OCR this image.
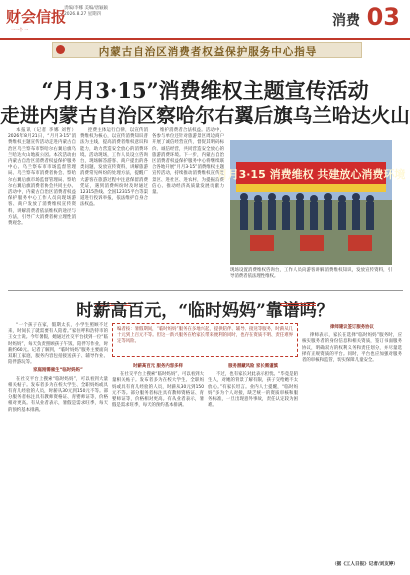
财会信报
一一个 一
责编/李娜 美编/唐颖颖
2026.8.27 星期四	消费 03
内蒙古自治区消费者权益保护服务中心指导
“月月3·15”消费维权主题宣传活动
走进内蒙古自治区察哈尔右翼后旗乌兰哈达火山

本报讯（记者 李娜 刘哲）2026年8月21日，“月月3·15”消费维权主题宣传活动走进内蒙古自治区乌兰察布市察哈尔右翼后旗乌兰哈达火山地质公园。本次活动由内蒙古自治区消费者权益保护服务中心、乌兰察布市市场监督管理局、乌兰察布市消费者协会、察哈尔右翼后旗市场监督管理局、察哈尔右翼后旗消费者协会共同主办。活动中，内蒙古自治区消费者权益保护服务中心工作人员向现场游客、商户发放了消费维权宣传资料，讲解消费者依法维权的途径与方法，引导广大消费者树立理性消费观念。

控费主体运行自律，以宣传消费维权为核心，以宣传消费知识普法为主线，提高消费者维权意识和能力，助力营造安全放心的消费环境。活动现场，工作人员设立咨询台，现场解答游客、商户提出的各类问题，发放宣传资料，讲解旅游消费常见纠纷的处理方法，提醒广大游客在旅游过程中注意保留消费凭证，遇到消费纠纷时及时通过12315热线、全国12315平台等渠道进行投诉举报，依法维护自身合法权益。

维护消费者合法权益。活动中，各参与单位还针对旅游景区周边商户开展了诚信经营宣传，督促其明码标价、诚信经营，共同营造安全放心的旅游消费环境。下一步，内蒙古自治区消费者权益保护服务中心将继续联合各地开展“月月3·15”消费维权主题宣传活动，持续推动消费维权宣传进景区、进社区、进农村，为提振消费信心、推动经济高质量发展贡献力量。

月月3·15 消费维权 共建放心消费环境
现场设置消费维权咨询台，工作人员向游客讲解消费维权知识，发放宣传资料，引导消费者依法理性维权。
时薪高百元，“临时妈妈”靠谱吗？
编者按：暑假期间，“临时妈妈”服务在多地兴起，提供陪伴、辅导、接送等服务，时薪从几十元到上百元不等。但这一新兴服务在给家长带来便利的同时，也存在资质不明、责任难界定等风险。

“一个孩子在家，假期太长，小学生照顾不过来，时间长了就需要有人陪着。”家住呼和浩特市的王女士说。今年暑假，她通过社交平台找到一位“临时妈妈”，每天负责照顾孩子午饭、陪伴写作业，时薪约60元。记者了解到，“临时妈妈”服务主要面向双职工家庭，服务内容包括接送孩子、辅导作业、陪伴游玩等。

家庭刚需催生“临时妈妈”

在社交平台上搜索“临时妈妈”，可以看到大量相关帖子。发布者多为在校大学生、全职妈妈或具有育儿经验的人员，时薪从30元到150元不等。部分服务者标注具有教师资格证、育婴师证等，价格相对更高。有从业者表示，暑假是需求旺季，每天的预约基本排满。

时薪高百元 服务内容多样

在社交平台上搜索“临时妈妈”，可以看到大量相关帖子。发布者多为在校大学生、全职妈妈或具有育儿经验的人员，时薪从30元到150元不等。部分服务者标注具有教师资格证、育婴师证等，价格相对更高。有从业者表示，暑假是需求旺季，每天的预约基本排满。

服务潜藏风险 家长需谨慎

不过，也有家长对此表示担忧。“毕竟是陌生人，对她的背景了解有限，孩子交给她不太放心。”有家长坦言。业内人士提醒，“临时妈妈”多为个人对接，缺乏统一的资质审核和服务标准，一旦出现意外事故，责任认定较为困难。

律师建议签订服务协议

律师表示，家长在选择“临时妈妈”服务时，应核实服务者的身份信息和相关资质，签订书面服务协议，明确双方的权利义务和责任划分，并尽量选择有正规资质的平台。同时，平台也应加强对服务者的审核和监管，切实保障儿童安全。

（据《工人日报》记者/刘友婷）
